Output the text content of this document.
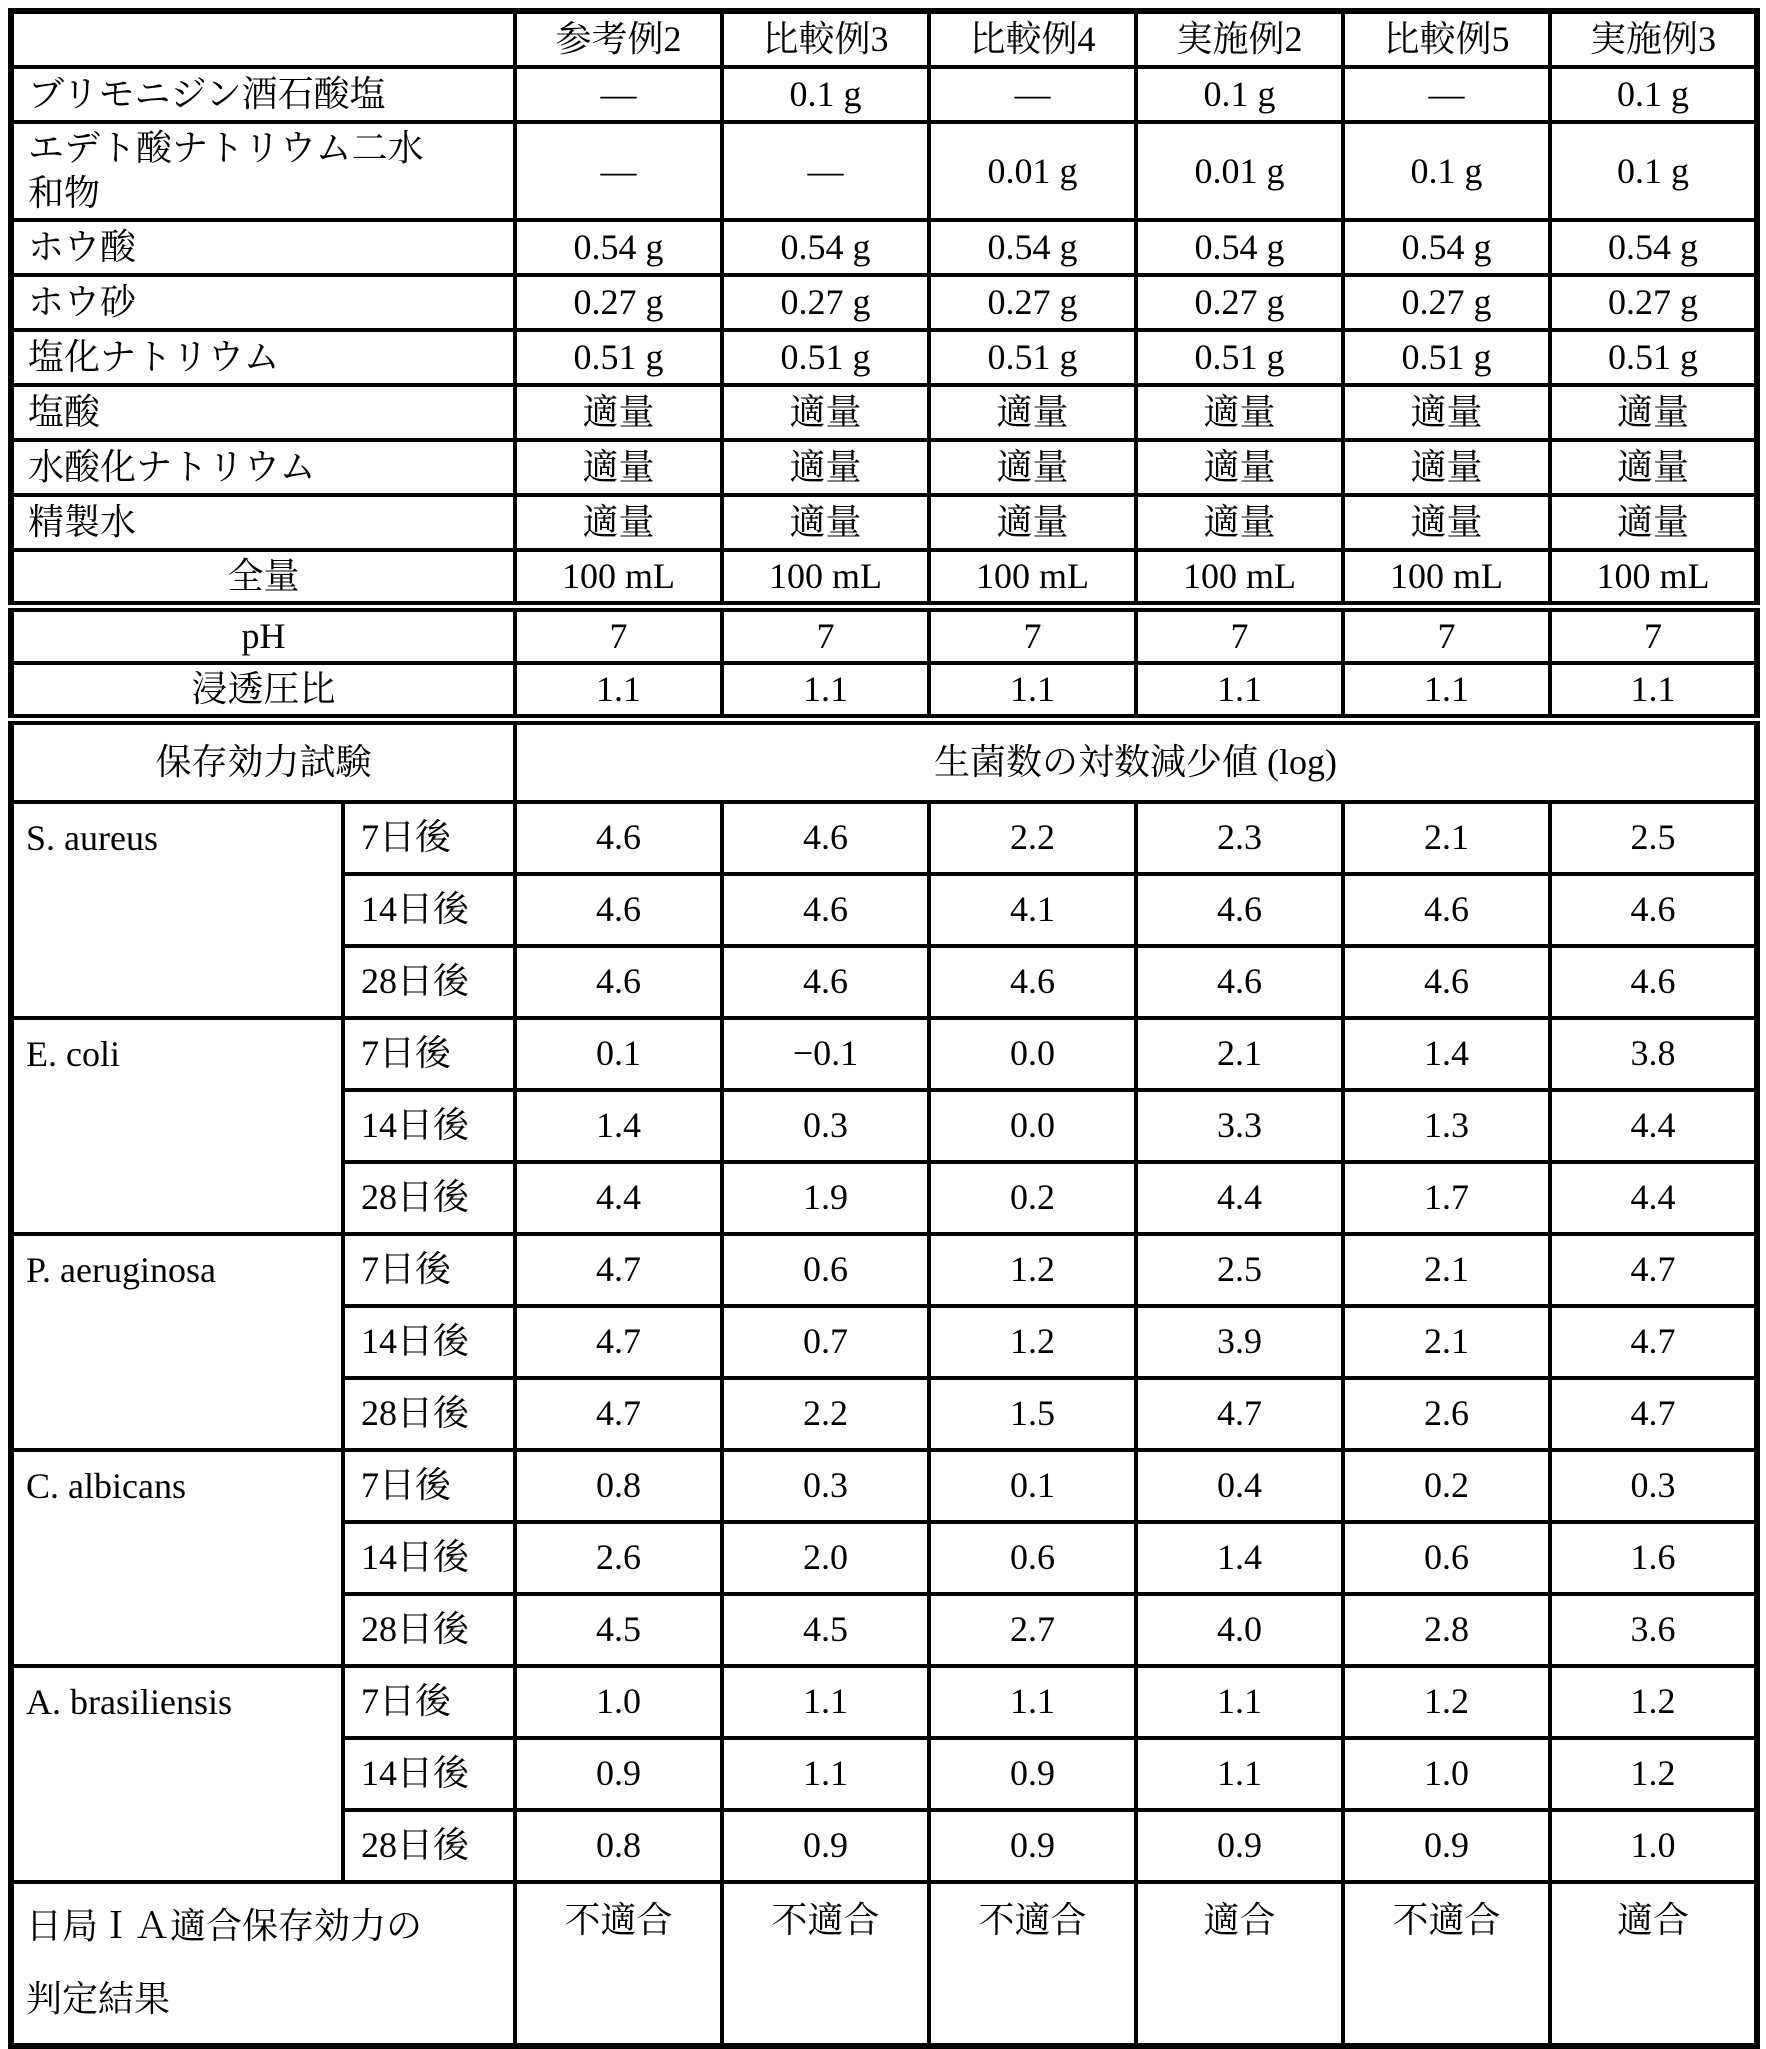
		参考例2	比較例3	比較例4	実施例2	比較例5	実施例3
ブリモニジン酒石酸塩		—	0.1 g	—	0.1 g	—	0.1 g
エデト酸ナトリウム二水
和物		—	—	0.01 g	0.01 g	0.1 g	0.1 g
ホウ酸		0.54 g	0.54 g	0.54 g	0.54 g	0.54 g	0.54 g
ホウ砂		0.27 g	0.27 g	0.27 g	0.27 g	0.27 g	0.27 g
塩化ナトリウム		0.51 g	0.51 g	0.51 g	0.51 g	0.51 g	0.51 g
塩酸		適量	適量	適量	適量	適量	適量
水酸化ナトリウム		適量	適量	適量	適量	適量	適量
精製水		適量	適量	適量	適量	適量	適量
全量		100 mL	100 mL	100 mL	100 mL	100 mL	100 mL
pH		7	7	7	7	7	7
浸透圧比		1.1	1.1	1.1	1.1	1.1	1.1
保存効力試験		生菌数の対数減少値 (log)					
S. aureus	7日後	4.6	4.6	2.2	2.3	2.1	2.5
	14日後	4.6	4.6	4.1	4.6	4.6	4.6
	28日後	4.6	4.6	4.6	4.6	4.6	4.6
E. coli	7日後	0.1	−0.1	0.0	2.1	1.4	3.8
	14日後	1.4	0.3	0.0	3.3	1.3	4.4
	28日後	4.4	1.9	0.2	4.4	1.7	4.4
P. aeruginosa	7日後	4.7	0.6	1.2	2.5	2.1	4.7
	14日後	4.7	0.7	1.2	3.9	2.1	4.7
	28日後	4.7	2.2	1.5	4.7	2.6	4.7
C. albicans	7日後	0.8	0.3	0.1	0.4	0.2	0.3
	14日後	2.6	2.0	0.6	1.4	0.6	1.6
	28日後	4.5	4.5	2.7	4.0	2.8	3.6
A. brasiliensis	7日後	1.0	1.1	1.1	1.1	1.2	1.2
	14日後	0.9	1.1	0.9	1.1	1.0	1.2
	28日後	0.8	0.9	0.9	0.9	0.9	1.0
日局ＩＡ適合保存効力の
判定結果		不適合	不適合	不適合	適合	不適合	適合
